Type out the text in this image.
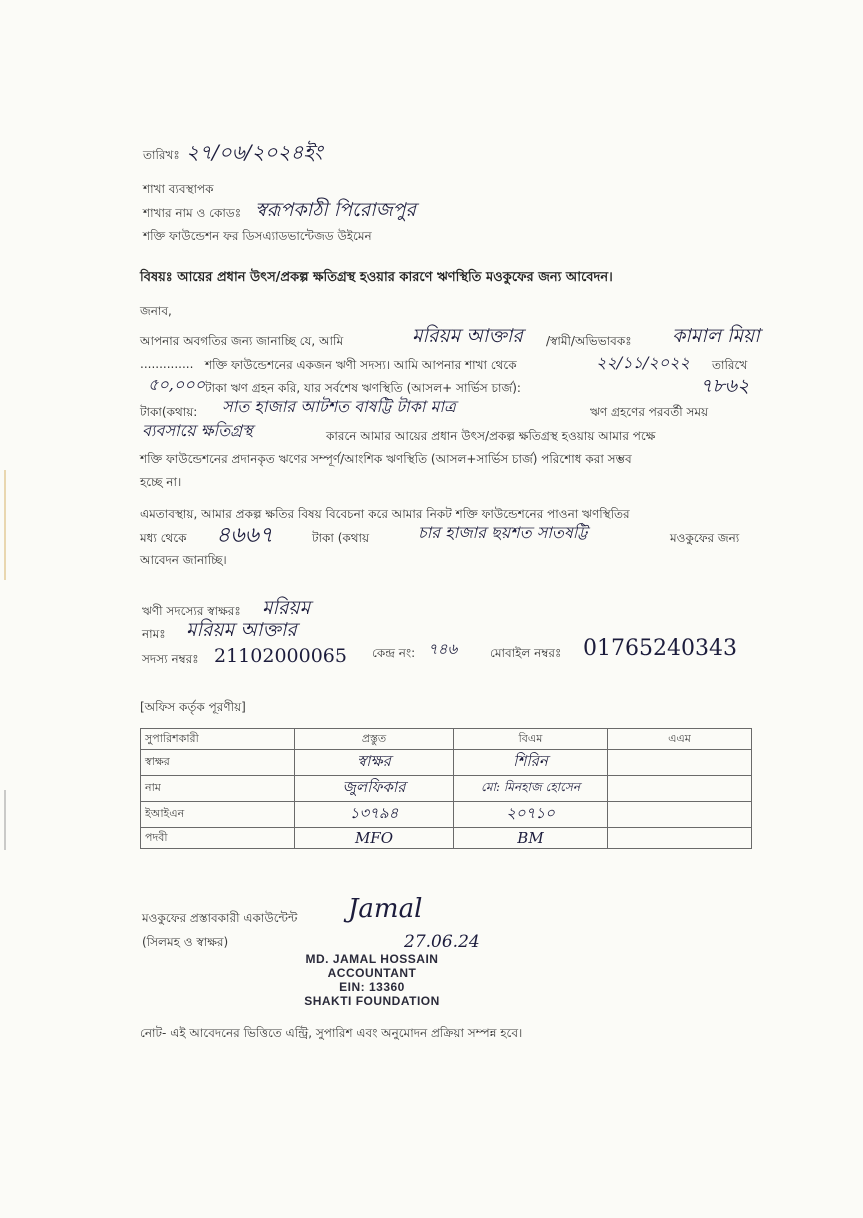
তারিখঃ ২৭/০৬/২০২৪ইং
শাখা ব্যবস্থাপক
শাখার নাম ও কোডঃ স্বরূপকাঠী পিরোজপুর
শক্তি ফাউন্ডেশন ফর ডিসএ্যাডভান্টেজড উইমেন
বিষয়ঃ আয়ের প্রধান উৎস/প্রকল্প ক্ষতিগ্রস্থ হওয়ার কারণে ঋণস্থিতি মওকুফের জন্য আবেদন।
জনাব,
আপনার অবগতির জন্য জানাচ্ছি যে, আমি	মরিয়ম আক্তার /স্বামী/অভিভাবকঃ কামাল মিয়া
.............. শক্তি ফাউন্ডেশনের একজন ঋণী সদস্য। আমি আপনার শাখা থেকে	২২/১১/২০২২ তারিখে
৫০,০০০ টাকা ঋণ গ্রহন করি, যার সর্বশেষ ঋণস্থিতি (আসল+ সার্ভিস চার্জ):	৭৮৬২
টাকা(কথায়: সাত হাজার আটশত বাষট্টি টাকা মাত্র	ঋণ গ্রহণের পরবর্তী সময়
ব্যবসায়ে ক্ষতিগ্রস্থ	কারনে আমার আয়ের প্রধান উৎস/প্রকল্প ক্ষতিগ্রস্থ হওয়ায় আমার পক্ষে
শক্তি ফাউন্ডেশনের প্রদানকৃত ঋণের সম্পূর্ণ/আংশিক ঋণস্থিতি (আসল+সার্ভিস চার্জ) পরিশোধ করা সম্ভব
হচ্ছে না।
এমতাবস্থায়, আমার প্রকল্প ক্ষতির বিষয় বিবেচনা করে আমার নিকট শক্তি ফাউন্ডেশনের পাওনা ঋণস্থিতির
মধ্য থেকে ৪৬৬৭	টাকা (কথায়	চার হাজার ছয়শত সাতষট্টি	মওকুফের জন্য
আবেদন জানাচ্ছি।
ঋণী সদস্যের স্বাক্ষরঃ মরিয়ম
নামঃ মরিয়ম আক্তার
সদস্য নম্বরঃ 21102000065 কেন্দ্র নং: ৭৪৬	মোবাইল নম্বরঃ 01765240343
[অফিস কর্তৃক পূরণীয়]
সুপারিশকারী	প্রস্তুত	বিএম	এএম
স্বাক্ষর	স্বাক্ষর	শিরিন	
নাম	জুলফিকার	মো: মিনহাজ হোসেন	
ইআইএন	১৩৭৯৪	২০৭১০	
পদবী	MFO	BM	
মওকুফের প্রস্তাবকারী একাউন্টেন্ট
(সিলমহ ও স্বাক্ষর)
Jamal
27.06.24
MD. JAMAL HOSSAIN
ACCOUNTANT
EIN: 13360
SHAKTI FOUNDATION
নোট- এই আবেদনের ভিত্তিতে এন্ট্রি, সুপারিশ এবং অনুমোদন প্রক্রিয়া সম্পন্ন হবে।
